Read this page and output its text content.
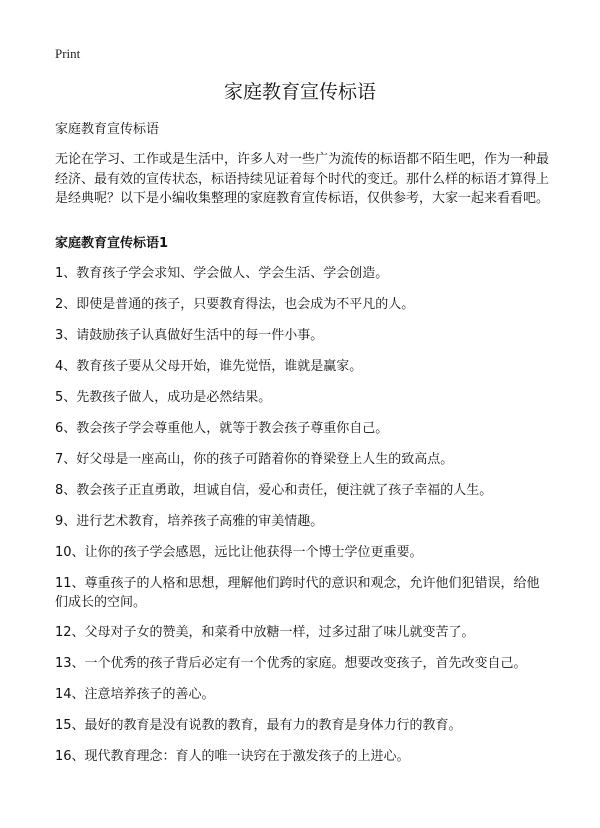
Print
家庭教育宣传标语
家庭教育宣传标语

无论在学习、工作或是生活中，许多人对一些广为流传的标语都不陌生吧，作为一种最经济、最有效的宣传状态，标语持续见证着每个时代的变迁。那什么样的标语才算得上是经典呢？以下是小编收集整理的家庭教育宣传标语，仅供参考，大家一起来看看吧。

家庭教育宣传标语1
1、教育孩子学会求知、学会做人、学会生活、学会创造。
2、即使是普通的孩子，只要教育得法，也会成为不平凡的人。
3、请鼓励孩子认真做好生活中的每一件小事。
4、教育孩子要从父母开始，谁先觉悟，谁就是赢家。
5、先教孩子做人，成功是必然结果。
6、教会孩子学会尊重他人，就等于教会孩子尊重你自己。
7、好父母是一座高山，你的孩子可踏着你的脊梁登上人生的致高点。
8、教会孩子正直勇敢，坦诚自信，爱心和责任，便注就了孩子幸福的人生。
9、进行艺术教育，培养孩子高雅的审美情趣。
10、让你的孩子学会感恩，远比让他获得一个博士学位更重要。
11、尊重孩子的人格和思想，理解他们跨时代的意识和观念，允许他们犯错误，给他们成长的空间。
12、父母对子女的赞美，和菜肴中放糖一样，过多过甜了味儿就变苦了。
13、一个优秀的孩子背后必定有一个优秀的家庭。想要改变孩子，首先改变自己。
14、注意培养孩子的善心。
15、最好的教育是没有说教的教育，最有力的教育是身体力行的教育。
16、现代教育理念：育人的唯一诀窍在于激发孩子的上进心。
